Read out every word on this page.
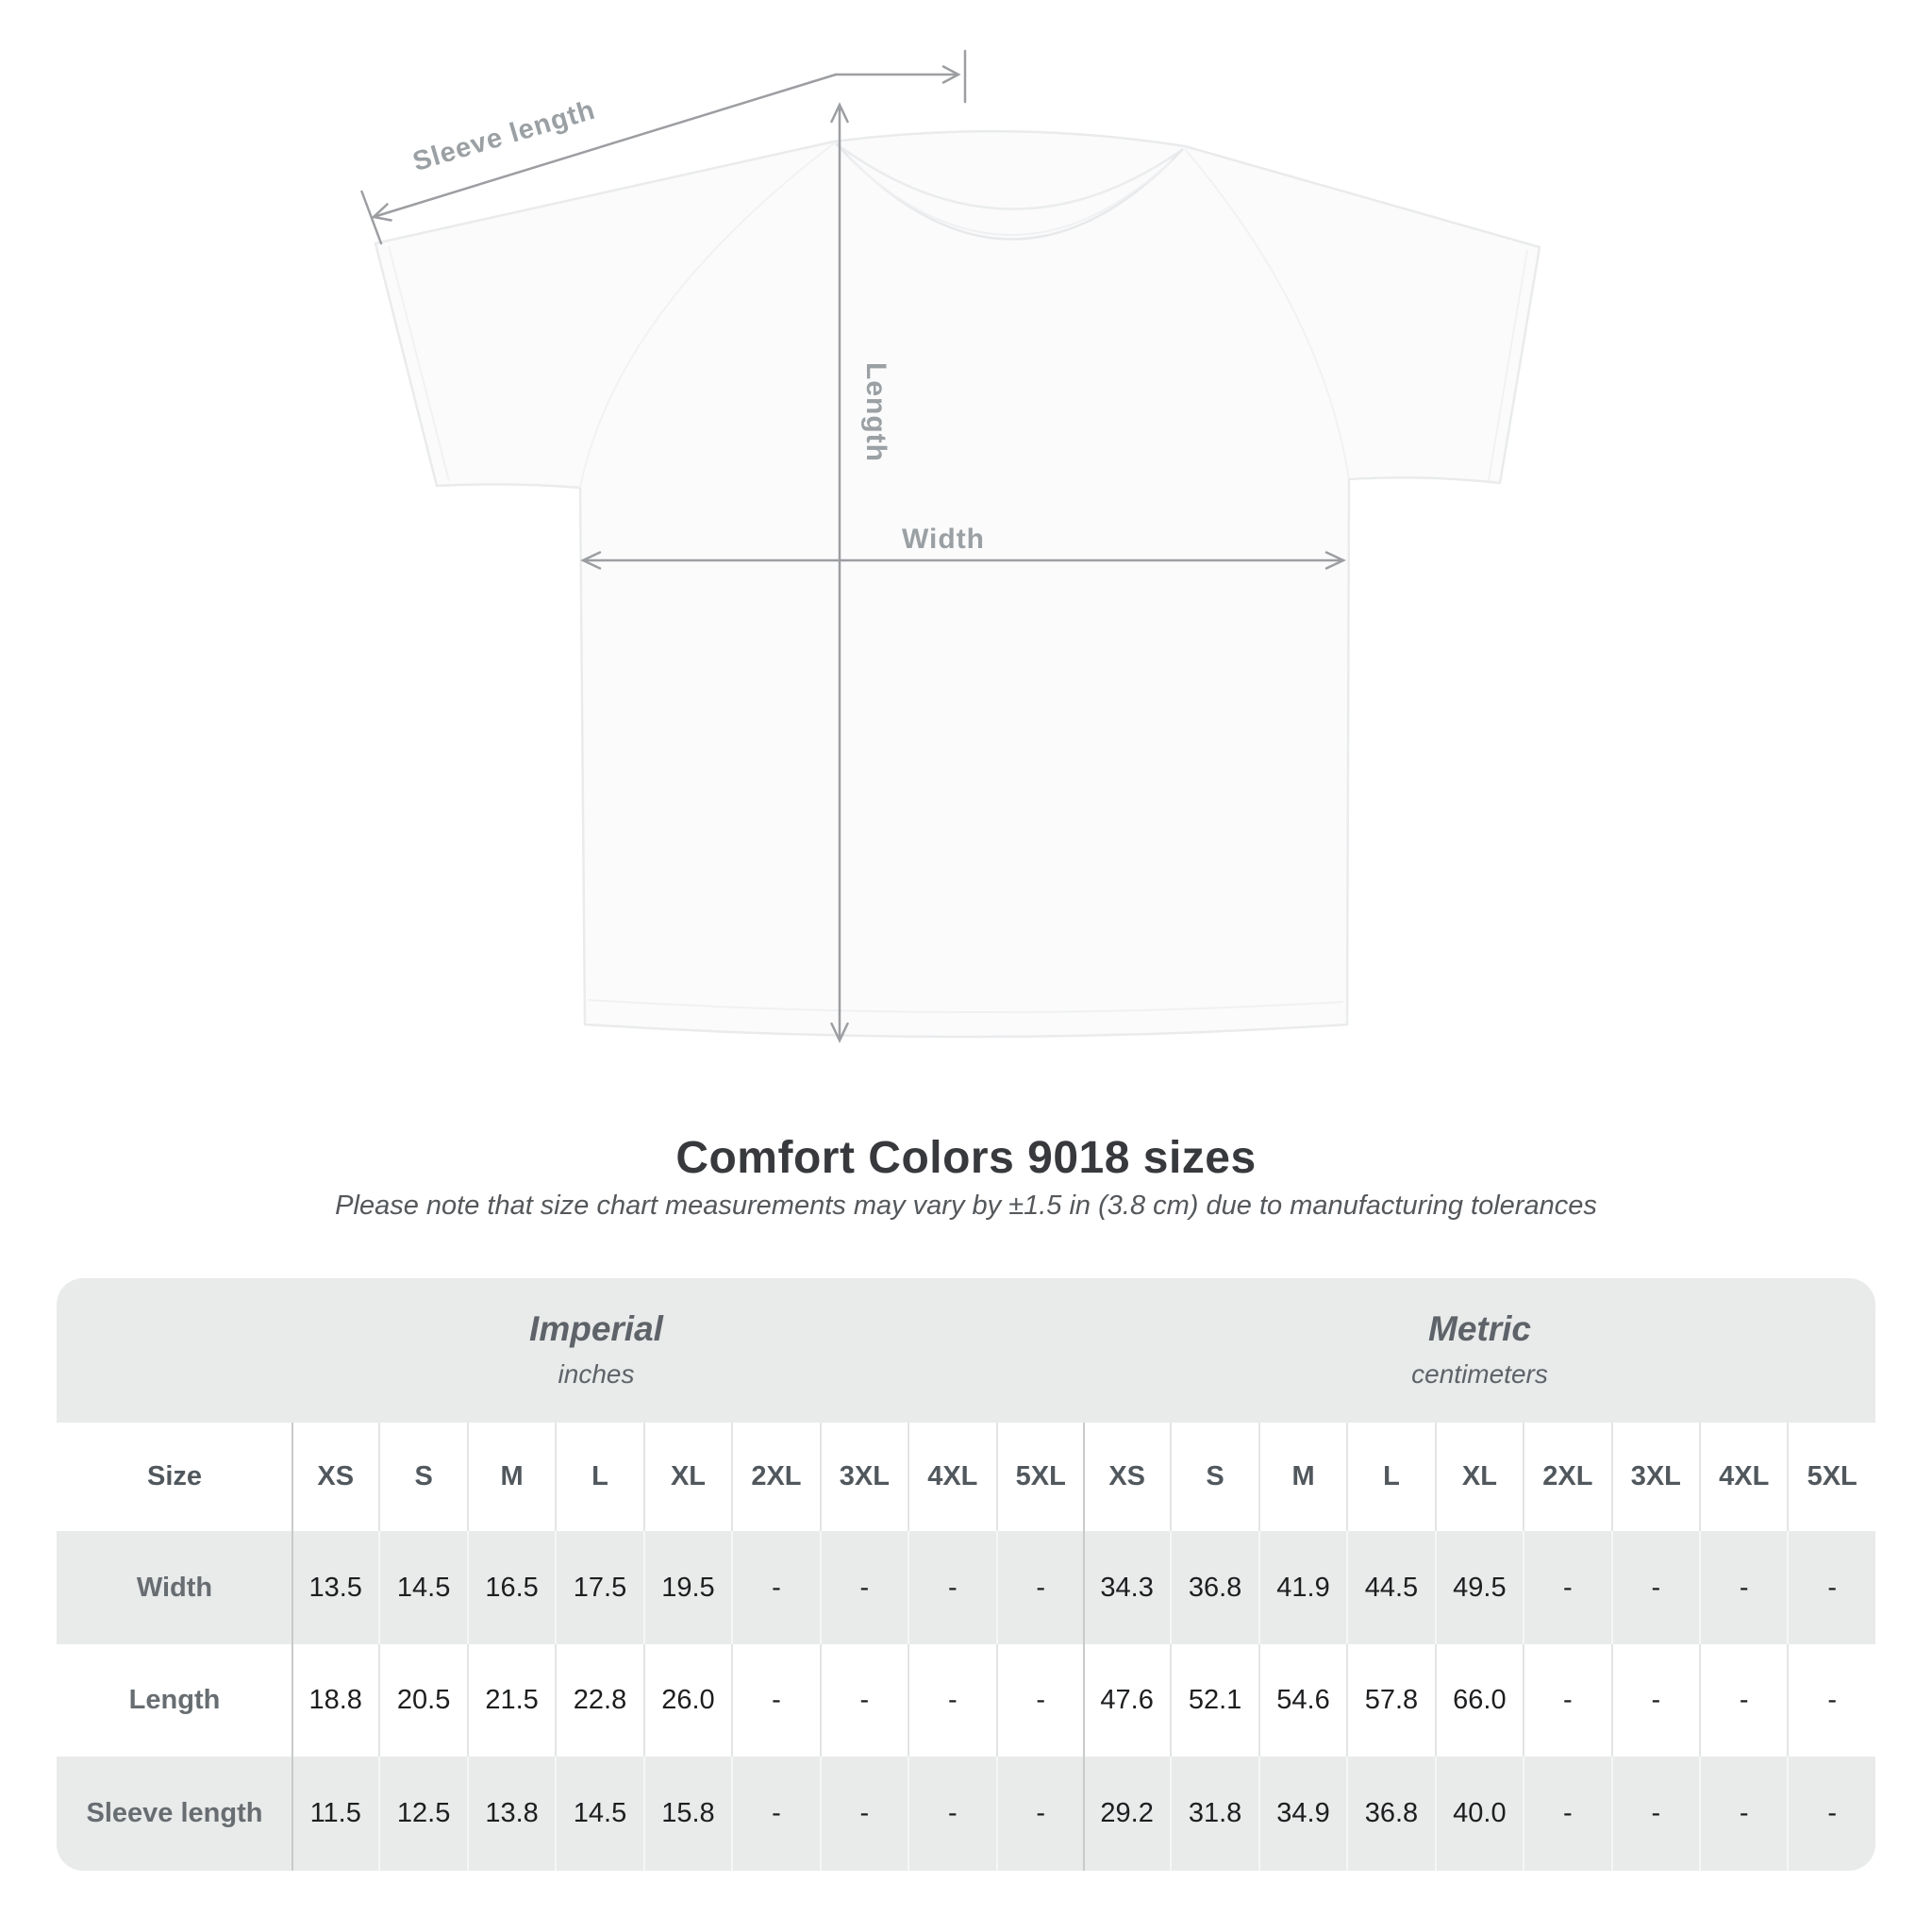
Sleeve length
Length
Width
Comfort Colors 9018 sizes
Please note that size chart measurements may vary by ±1.5 in (3.8 cm) due to manufacturing tolerances
Imperial
inches
Metric
centimeters
Size	XS	S	M	L	XL	2XL	3XL	4XL	5XL	XS	S	M	L	XL	2XL	3XL	4XL	5XL
Width	13.5	14.5	16.5	17.5	19.5	-	-	-	-	34.3	36.8	41.9	44.5	49.5	-	-	-	-
Length	18.8	20.5	21.5	22.8	26.0	-	-	-	-	47.6	52.1	54.6	57.8	66.0	-	-	-	-
Sleeve length	11.5	12.5	13.8	14.5	15.8	-	-	-	-	29.2	31.8	34.9	36.8	40.0	-	-	-	-
